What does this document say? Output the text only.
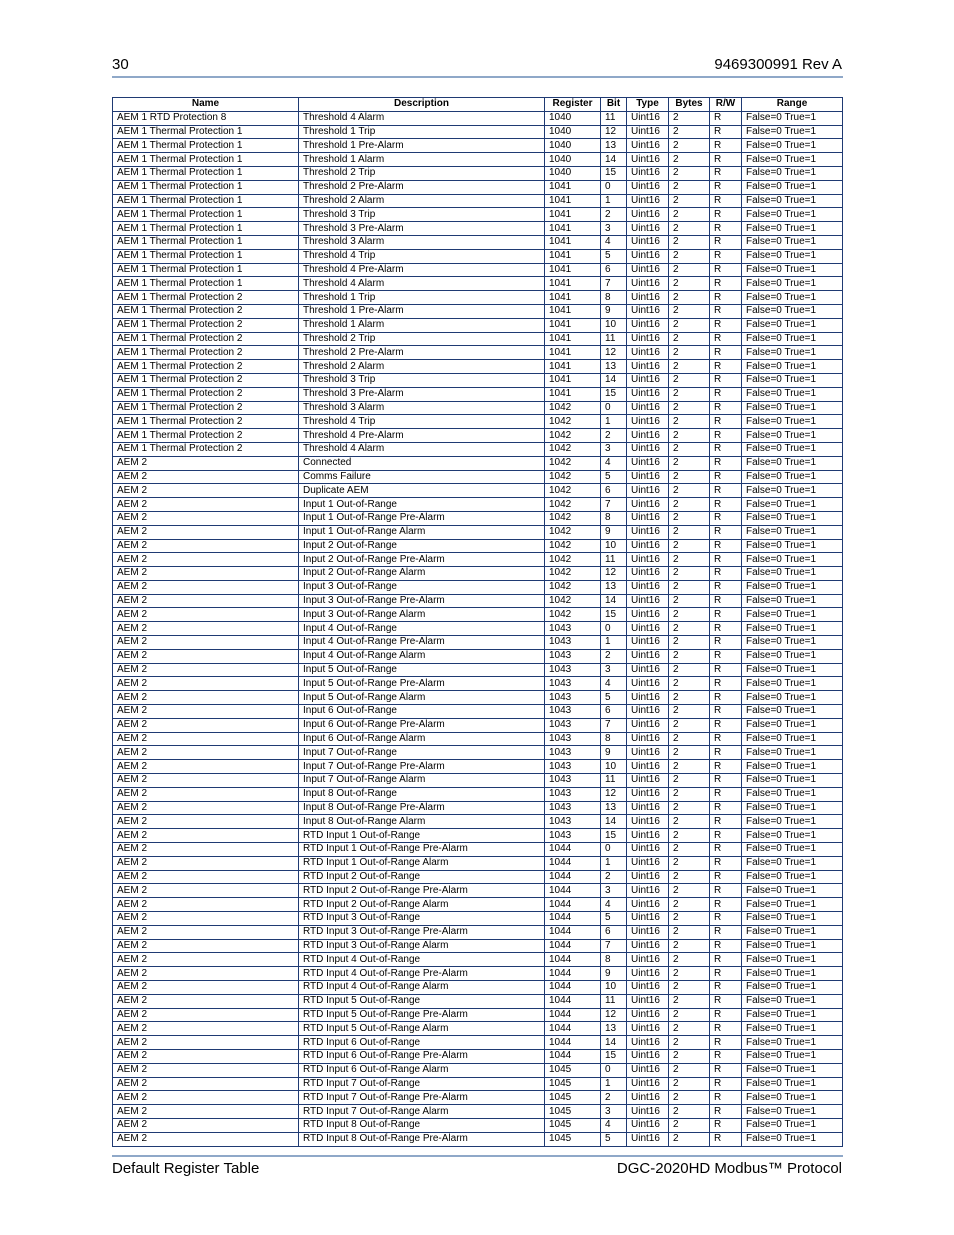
30	9469300991 Rev A
Name	Description	Register	Bit	Type	Bytes	R/W	Range
AEM 1 RTD Protection 8	Threshold 4 Alarm	1040	11	Uint16	2	R	False=0 True=1
AEM 1 Thermal Protection 1	Threshold 1 Trip	1040	12	Uint16	2	R	False=0 True=1
AEM 1 Thermal Protection 1	Threshold 1 Pre-Alarm	1040	13	Uint16	2	R	False=0 True=1
AEM 1 Thermal Protection 1	Threshold 1 Alarm	1040	14	Uint16	2	R	False=0 True=1
AEM 1 Thermal Protection 1	Threshold 2 Trip	1040	15	Uint16	2	R	False=0 True=1
AEM 1 Thermal Protection 1	Threshold 2 Pre-Alarm	1041	0	Uint16	2	R	False=0 True=1
AEM 1 Thermal Protection 1	Threshold 2 Alarm	1041	1	Uint16	2	R	False=0 True=1
AEM 1 Thermal Protection 1	Threshold 3 Trip	1041	2	Uint16	2	R	False=0 True=1
AEM 1 Thermal Protection 1	Threshold 3 Pre-Alarm	1041	3	Uint16	2	R	False=0 True=1
AEM 1 Thermal Protection 1	Threshold 3 Alarm	1041	4	Uint16	2	R	False=0 True=1
AEM 1 Thermal Protection 1	Threshold 4 Trip	1041	5	Uint16	2	R	False=0 True=1
AEM 1 Thermal Protection 1	Threshold 4 Pre-Alarm	1041	6	Uint16	2	R	False=0 True=1
AEM 1 Thermal Protection 1	Threshold 4 Alarm	1041	7	Uint16	2	R	False=0 True=1
AEM 1 Thermal Protection 2	Threshold 1 Trip	1041	8	Uint16	2	R	False=0 True=1
AEM 1 Thermal Protection 2	Threshold 1 Pre-Alarm	1041	9	Uint16	2	R	False=0 True=1
AEM 1 Thermal Protection 2	Threshold 1 Alarm	1041	10	Uint16	2	R	False=0 True=1
AEM 1 Thermal Protection 2	Threshold 2 Trip	1041	11	Uint16	2	R	False=0 True=1
AEM 1 Thermal Protection 2	Threshold 2 Pre-Alarm	1041	12	Uint16	2	R	False=0 True=1
AEM 1 Thermal Protection 2	Threshold 2 Alarm	1041	13	Uint16	2	R	False=0 True=1
AEM 1 Thermal Protection 2	Threshold 3 Trip	1041	14	Uint16	2	R	False=0 True=1
AEM 1 Thermal Protection 2	Threshold 3 Pre-Alarm	1041	15	Uint16	2	R	False=0 True=1
AEM 1 Thermal Protection 2	Threshold 3 Alarm	1042	0	Uint16	2	R	False=0 True=1
AEM 1 Thermal Protection 2	Threshold 4 Trip	1042	1	Uint16	2	R	False=0 True=1
AEM 1 Thermal Protection 2	Threshold 4 Pre-Alarm	1042	2	Uint16	2	R	False=0 True=1
AEM 1 Thermal Protection 2	Threshold 4 Alarm	1042	3	Uint16	2	R	False=0 True=1
AEM 2	Connected	1042	4	Uint16	2	R	False=0 True=1
AEM 2	Comms Failure	1042	5	Uint16	2	R	False=0 True=1
AEM 2	Duplicate AEM	1042	6	Uint16	2	R	False=0 True=1
AEM 2	Input 1 Out-of-Range	1042	7	Uint16	2	R	False=0 True=1
AEM 2	Input 1 Out-of-Range Pre-Alarm	1042	8	Uint16	2	R	False=0 True=1
AEM 2	Input 1 Out-of-Range Alarm	1042	9	Uint16	2	R	False=0 True=1
AEM 2	Input 2 Out-of-Range	1042	10	Uint16	2	R	False=0 True=1
AEM 2	Input 2 Out-of-Range Pre-Alarm	1042	11	Uint16	2	R	False=0 True=1
AEM 2	Input 2 Out-of-Range Alarm	1042	12	Uint16	2	R	False=0 True=1
AEM 2	Input 3 Out-of-Range	1042	13	Uint16	2	R	False=0 True=1
AEM 2	Input 3 Out-of-Range Pre-Alarm	1042	14	Uint16	2	R	False=0 True=1
AEM 2	Input 3 Out-of-Range Alarm	1042	15	Uint16	2	R	False=0 True=1
AEM 2	Input 4 Out-of-Range	1043	0	Uint16	2	R	False=0 True=1
AEM 2	Input 4 Out-of-Range Pre-Alarm	1043	1	Uint16	2	R	False=0 True=1
AEM 2	Input 4 Out-of-Range Alarm	1043	2	Uint16	2	R	False=0 True=1
AEM 2	Input 5 Out-of-Range	1043	3	Uint16	2	R	False=0 True=1
AEM 2	Input 5 Out-of-Range Pre-Alarm	1043	4	Uint16	2	R	False=0 True=1
AEM 2	Input 5 Out-of-Range Alarm	1043	5	Uint16	2	R	False=0 True=1
AEM 2	Input 6 Out-of-Range	1043	6	Uint16	2	R	False=0 True=1
AEM 2	Input 6 Out-of-Range Pre-Alarm	1043	7	Uint16	2	R	False=0 True=1
AEM 2	Input 6 Out-of-Range Alarm	1043	8	Uint16	2	R	False=0 True=1
AEM 2	Input 7 Out-of-Range	1043	9	Uint16	2	R	False=0 True=1
AEM 2	Input 7 Out-of-Range Pre-Alarm	1043	10	Uint16	2	R	False=0 True=1
AEM 2	Input 7 Out-of-Range Alarm	1043	11	Uint16	2	R	False=0 True=1
AEM 2	Input 8 Out-of-Range	1043	12	Uint16	2	R	False=0 True=1
AEM 2	Input 8 Out-of-Range Pre-Alarm	1043	13	Uint16	2	R	False=0 True=1
AEM 2	Input 8 Out-of-Range Alarm	1043	14	Uint16	2	R	False=0 True=1
AEM 2	RTD Input 1 Out-of-Range	1043	15	Uint16	2	R	False=0 True=1
AEM 2	RTD Input 1 Out-of-Range Pre-Alarm	1044	0	Uint16	2	R	False=0 True=1
AEM 2	RTD Input 1 Out-of-Range Alarm	1044	1	Uint16	2	R	False=0 True=1
AEM 2	RTD Input 2 Out-of-Range	1044	2	Uint16	2	R	False=0 True=1
AEM 2	RTD Input 2 Out-of-Range Pre-Alarm	1044	3	Uint16	2	R	False=0 True=1
AEM 2	RTD Input 2 Out-of-Range Alarm	1044	4	Uint16	2	R	False=0 True=1
AEM 2	RTD Input 3 Out-of-Range	1044	5	Uint16	2	R	False=0 True=1
AEM 2	RTD Input 3 Out-of-Range Pre-Alarm	1044	6	Uint16	2	R	False=0 True=1
AEM 2	RTD Input 3 Out-of-Range Alarm	1044	7	Uint16	2	R	False=0 True=1
AEM 2	RTD Input 4 Out-of-Range	1044	8	Uint16	2	R	False=0 True=1
AEM 2	RTD Input 4 Out-of-Range Pre-Alarm	1044	9	Uint16	2	R	False=0 True=1
AEM 2	RTD Input 4 Out-of-Range Alarm	1044	10	Uint16	2	R	False=0 True=1
AEM 2	RTD Input 5 Out-of-Range	1044	11	Uint16	2	R	False=0 True=1
AEM 2	RTD Input 5 Out-of-Range Pre-Alarm	1044	12	Uint16	2	R	False=0 True=1
AEM 2	RTD Input 5 Out-of-Range Alarm	1044	13	Uint16	2	R	False=0 True=1
AEM 2	RTD Input 6 Out-of-Range	1044	14	Uint16	2	R	False=0 True=1
AEM 2	RTD Input 6 Out-of-Range Pre-Alarm	1044	15	Uint16	2	R	False=0 True=1
AEM 2	RTD Input 6 Out-of-Range Alarm	1045	0	Uint16	2	R	False=0 True=1
AEM 2	RTD Input 7 Out-of-Range	1045	1	Uint16	2	R	False=0 True=1
AEM 2	RTD Input 7 Out-of-Range Pre-Alarm	1045	2	Uint16	2	R	False=0 True=1
AEM 2	RTD Input 7 Out-of-Range Alarm	1045	3	Uint16	2	R	False=0 True=1
AEM 2	RTD Input 8 Out-of-Range	1045	4	Uint16	2	R	False=0 True=1
AEM 2	RTD Input 8 Out-of-Range Pre-Alarm	1045	5	Uint16	2	R	False=0 True=1
Default Register Table	DGC-2020HD Modbus™ Protocol
